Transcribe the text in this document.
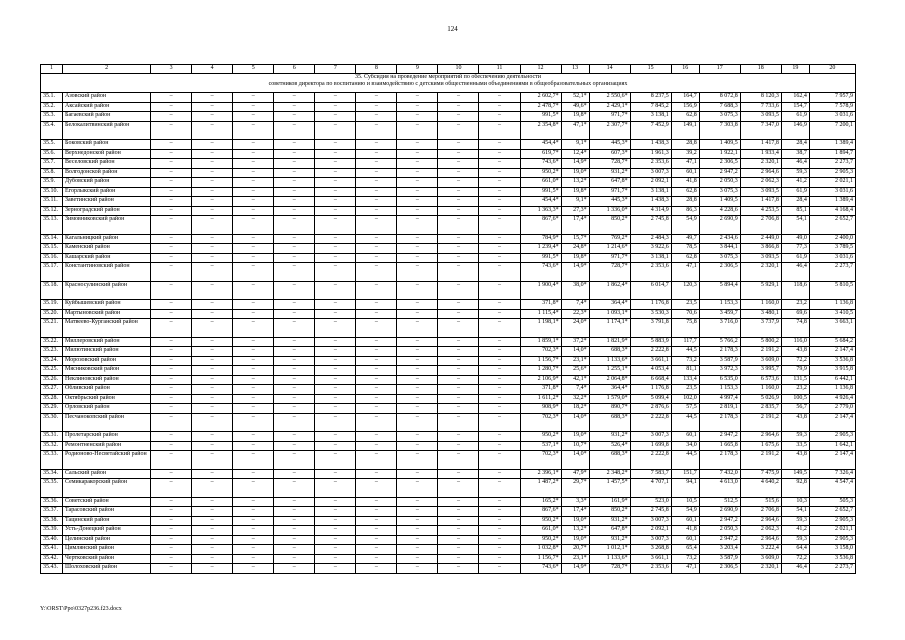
124
1	2	3	4	5	6	7	8	9	10	11	12	13	14	15	16	17	18	19	20

35. Субсидия на проведение мероприятий по обеспечению деятельности
советников директора по воспитанию и взаимодействию с детскими общественными объединениями в общеобразовательных организациях																			

35.1.	Азовский район	–	–	–	–	–	–	–	–	–	2 602,7*	52,1*	2 550,6*	8 237,5	164,7	8 072,8	8 120,3	162,4	7 957,9
35.2.	Аксайский район	–	–	–	–	–	–	–	–	–	2 478,7*	49,6*	2 429,1*	7 845,2	156,9	7 688,3	7 733,6	154,7	7 578,9
35.3.	Багаевский район	–	–	–	–	–	–	–	–	–	991,5*	19,8*	971,7*	3 138,1	62,8	3 075,3	3 093,5	61,9	3 031,6
35.4.	Белокалитвинский район	–	–	–	–	–	–	–	–	–	2 354,8*	47,1*	2 307,7*	7 452,9	149,1	7 303,8	7 347,0	146,9	7 200,1
35.5.	Боковский район	–	–	–	–	–	–	–	–	–	454,4*	9,1*	445,3*	1 438,3	28,8	1 409,5	1 417,8	28,4	1 389,4
35.6.	Верхнедонской район	–	–	–	–	–	–	–	–	–	619,7*	12,4*	607,3*	1 961,3	39,2	1 922,1	1 933,4	38,7	1 894,7
35.7.	Веселовский район	–	–	–	–	–	–	–	–	–	743,6*	14,9*	728,7*	2 353,6	47,1	2 306,5	2 320,1	46,4	2 273,7
35.8.	Волгодонской район	–	–	–	–	–	–	–	–	–	950,2*	19,0*	931,2*	3 007,3	60,1	2 947,2	2 964,6	59,3	2 905,3
35.9.	Дубовский район	–	–	–	–	–	–	–	–	–	661,0*	13,2*	647,8*	2 092,1	41,8	2 050,3	2 062,3	41,2	2 021,1
35.10.	Егорлыкский район	–	–	–	–	–	–	–	–	–	991,5*	19,8*	971,7*	3 138,1	62,8	3 075,3	3 093,5	61,9	3 031,6
35.11.	Заветинский район	–	–	–	–	–	–	–	–	–	454,4*	9,1*	445,3*	1 438,3	28,8	1 409,5	1 417,8	28,4	1 389,4
35.12.	Зерноградский район	–	–	–	–	–	–	–	–	–	1 363,3*	27,3*	1 336,0*	4 314,9	86,3	4 228,6	4 253,5	85,1	4 168,4
35.13.	Зимовниковский район	–	–	–	–	–	–	–	–	–	867,6*	17,4*	850,2*	2 745,8	54,9	2 690,9	2 706,8	54,1	2 652,7
35.14.	Кагальницкий район	–	–	–	–	–	–	–	–	–	784,9*	15,7*	769,2*	2 484,3	49,7	2 434,6	2 449,0	49,0	2 400,0
35.15.	Каменский район	–	–	–	–	–	–	–	–	–	1 239,4*	24,8*	1 214,6*	3 922,6	78,5	3 844,1	3 866,8	77,3	3 789,5
35.16.	Кашарский район	–	–	–	–	–	–	–	–	–	991,5*	19,8*	971,7*	3 138,1	62,8	3 075,3	3 093,5	61,9	3 031,6
35.17.	Константиновский район	–	–	–	–	–	–	–	–	–	743,6*	14,9*	728,7*	2 353,6	47,1	2 306,5	2 320,1	46,4	2 273,7
35.18.	Красносулинский район	–	–	–	–	–	–	–	–	–	1 900,4*	38,0*	1 862,4*	6 014,7	120,3	5 894,4	5 929,1	118,6	5 810,5
35.19.	Куйбышевский район	–	–	–	–	–	–	–	–	–	371,8*	7,4*	364,4*	1 176,8	23,5	1 153,3	1 160,0	23,2	1 136,8
35.20.	Мартыновский район	–	–	–	–	–	–	–	–	–	1 115,4*	22,3*	1 093,1*	3 530,3	70,6	3 459,7	3 480,1	69,6	3 410,5
35.21.	Матвеево-Курганский район	–	–	–	–	–	–	–	–	–	1 198,1*	24,0*	1 174,1*	3 791,8	75,8	3 716,0	3 737,9	74,8	3 663,1
35.22.	Миллеровский район	–	–	–	–	–	–	–	–	–	1 859,1*	37,2*	1 821,9*	5 883,9	117,7	5 766,2	5 800,2	116,0	5 684,2
35.23.	Милютинский район	–	–	–	–	–	–	–	–	–	702,3*	14,0*	688,3*	2 222,8	44,5	2 178,3	2 191,2	43,8	2 147,4
35.24.	Морозовский район	–	–	–	–	–	–	–	–	–	1 156,7*	23,1*	1 133,6*	3 661,1	73,2	3 587,9	3 609,0	72,2	3 536,8
35.25.	Мясниковский район	–	–	–	–	–	–	–	–	–	1 280,7*	25,6*	1 255,1*	4 053,4	81,1	3 972,3	3 995,7	79,9	3 915,8
35.26.	Неклиновский район	–	–	–	–	–	–	–	–	–	2 106,9*	42,1*	2 064,8*	6 668,4	133,4	6 535,0	6 573,6	131,5	6 442,1
35.27.	Обливский район	–	–	–	–	–	–	–	–	–	371,8*	7,4*	364,4*	1 176,8	23,5	1 153,3	1 160,0	23,2	1 136,8
35.28.	Октябрьский район	–	–	–	–	–	–	–	–	–	1 611,2*	32,2*	1 579,0*	5 099,4	102,0	4 997,4	5 026,9	100,5	4 926,4
35.29.	Орловский район	–	–	–	–	–	–	–	–	–	908,9*	18,2*	890,7*	2 876,6	57,5	2 819,1	2 835,7	56,7	2 779,0
35.30.	Песчанокопский район	–	–	–	–	–	–	–	–	–	702,3*	14,0*	688,3*	2 222,8	44,5	2 178,3	2 191,2	43,8	2 147,4
35.31.	Пролетарский район	–	–	–	–	–	–	–	–	–	950,2*	19,0*	931,2*	3 007,3	60,1	2 947,2	2 964,6	59,3	2 905,3
35.32.	Ремонтненский район	–	–	–	–	–	–	–	–	–	537,1*	10,7*	526,4*	1 699,8	34,0	1 665,8	1 675,6	33,5	1 642,1
35.33.	Родионово-Несветайский район	–	–	–	–	–	–	–	–	–	702,3*	14,0*	688,3*	2 222,8	44,5	2 178,3	2 191,2	43,8	2 147,4
35.34.	Сальский район	–	–	–	–	–	–	–	–	–	2 396,1*	47,9*	2 348,2*	7 583,7	151,7	7 432,0	7 475,9	149,5	7 326,4
35.35.	Семикаракорский район	–	–	–	–	–	–	–	–	–	1 487,2*	29,7*	1 457,5*	4 707,1	94,1	4 613,0	4 640,2	92,8	4 547,4
35.36.	Советский район	–	–	–	–	–	–	–	–	–	165,2*	3,3*	161,9*	523,0	10,5	512,5	515,6	10,3	505,3
35.37.	Тарасовский район	–	–	–	–	–	–	–	–	–	867,6*	17,4*	850,2*	2 745,8	54,9	2 690,9	2 706,8	54,1	2 652,7
35.38.	Тацинский район	–	–	–	–	–	–	–	–	–	950,2*	19,0*	931,2*	3 007,3	60,1	2 947,2	2 964,6	59,3	2 905,3
35.39.	Усть-Донецкий район	–	–	–	–	–	–	–	–	–	661,0*	13,2*	647,8*	2 092,1	41,8	2 050,3	2 062,3	41,2	2 021,1
35.40.	Целинский район	–	–	–	–	–	–	–	–	–	950,2*	19,0*	931,2*	3 007,3	60,1	2 947,2	2 964,6	59,3	2 905,3
35.41.	Цимлянский район	–	–	–	–	–	–	–	–	–	1 032,8*	20,7*	1 012,1*	3 268,8	65,4	3 203,4	3 222,4	64,4	3 158,0
35.42.	Чертковский район	–	–	–	–	–	–	–	–	–	1 156,7*	23,1*	1 133,6*	3 661,1	73,2	3 587,9	3 609,0	72,2	3 536,8
35.43.	Шолоховский район	–	–	–	–	–	–	–	–	–	743,6*	14,9*	728,7*	2 353,6	47,1	2 306,5	2 320,1	46,4	2 273,7
Y:\ORST\Ppo\0327p236.f23.docx
